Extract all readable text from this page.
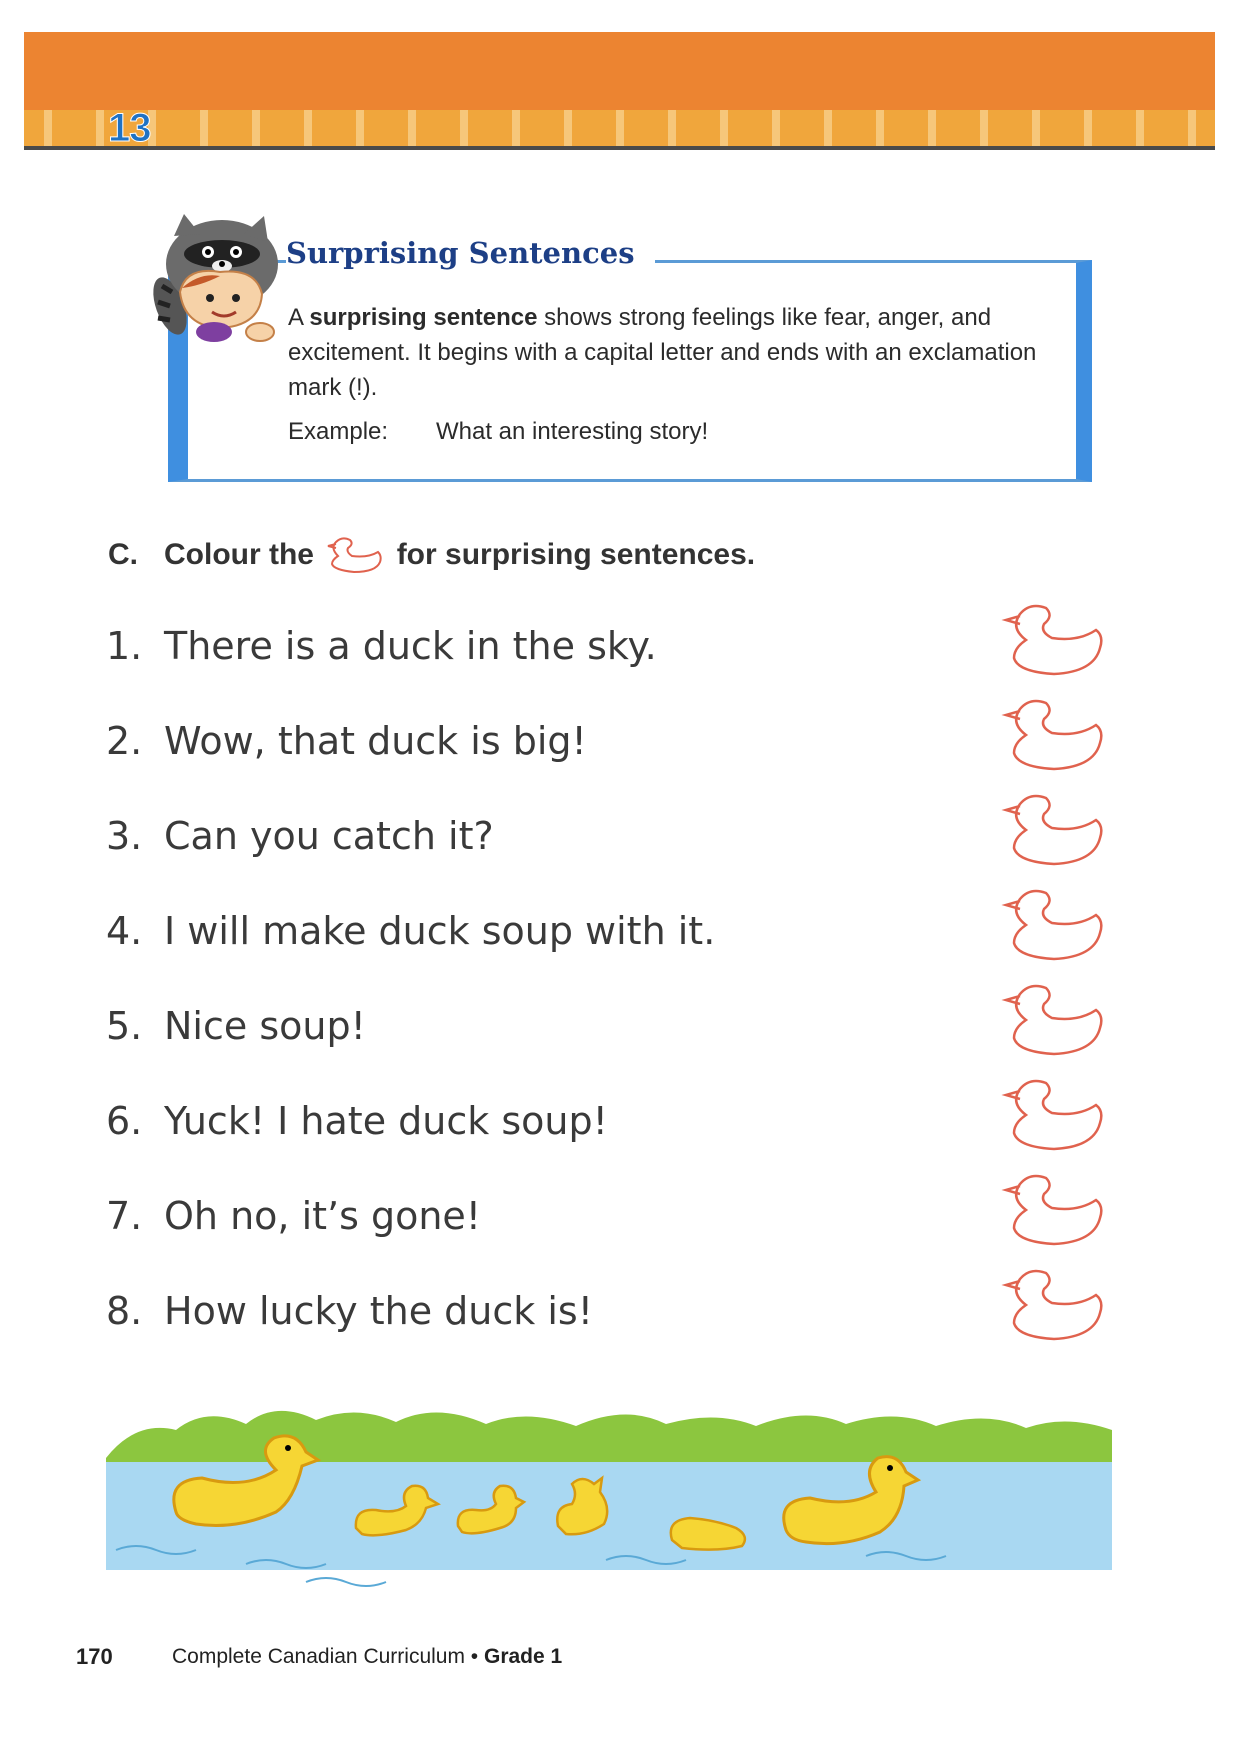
13
Surprising Sentences
A surprising sentence shows strong feelings like fear, anger, and excitement. It begins with a capital letter and ends with an exclamation mark (!).
Example: What an interesting story!
C. Colour the	for surprising sentences.
1. There is a duck in the sky.
2. Wow, that duck is big!
3. Can you catch it?
4. I will make duck soup with it.
5. Nice soup!
6. Yuck! I hate duck soup!
7. Oh no, it’s gone!
8. How lucky the duck is!
170	Complete Canadian Curriculum • Grade 1
